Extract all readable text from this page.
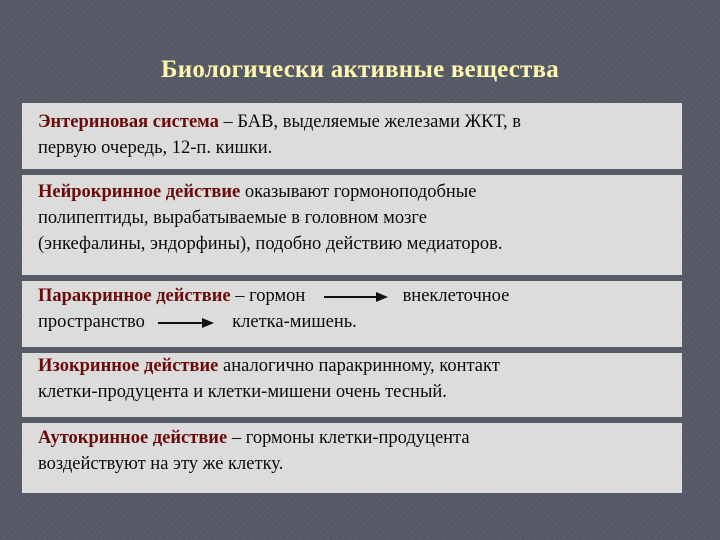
Биологически активные вещества
Энтериновая система – БАВ, выделяемые железами ЖКТ, в
первую очередь, 12-п. кишки.
Нейрокринное действие оказывают гормоноподобные
полипептиды, вырабатываемые в головном мозге
(энкефалины, эндорфины), подобно действию медиаторов.
Паракринное действие – гормон	внеклеточное
пространство	клетка-мишень.
Изокринное действие аналогично паракринному, контакт
клетки-продуцента и клетки-мишени очень тесный.
Аутокринное действие – гормоны клетки-продуцента
воздействуют на эту же клетку.
